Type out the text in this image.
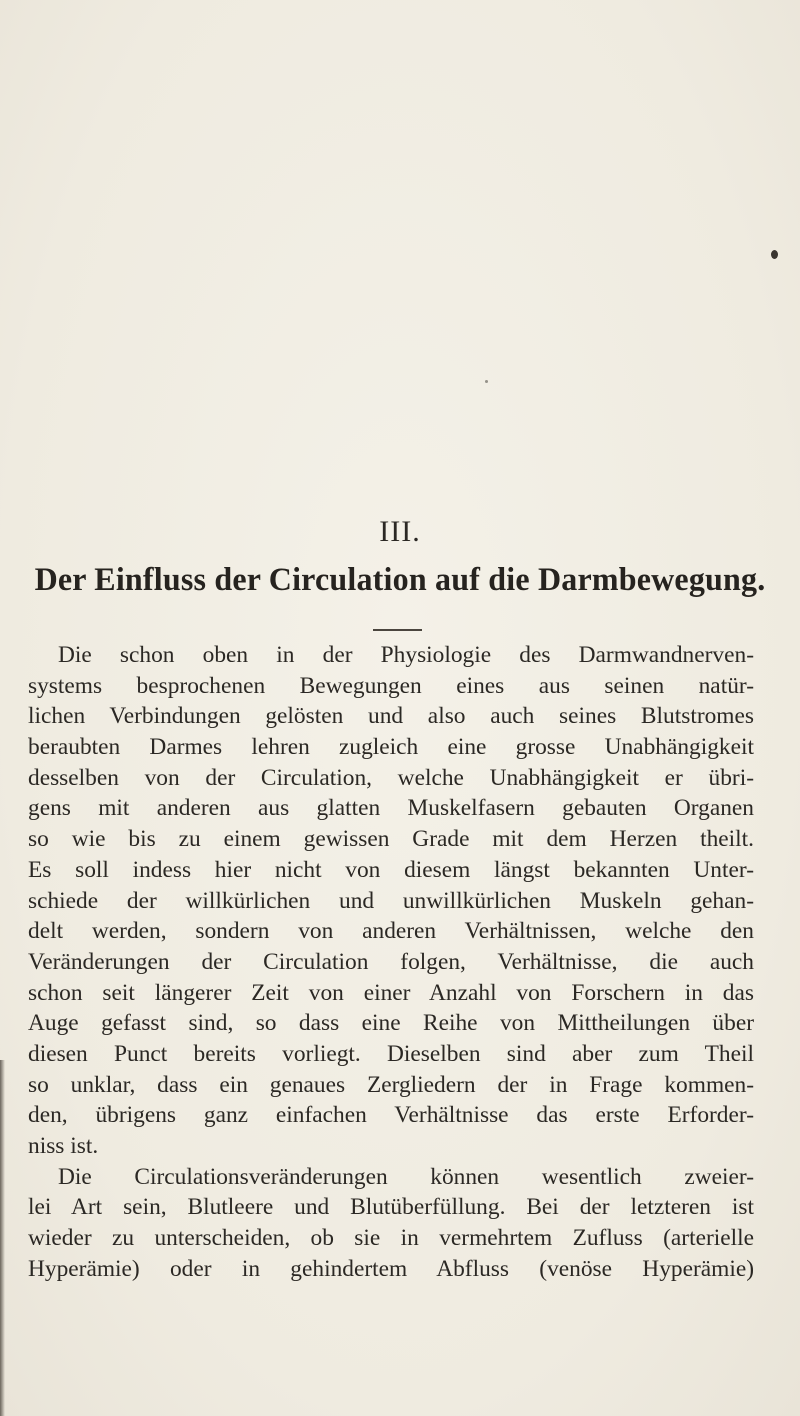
III.
Der Einfluss der Circulation auf die Darmbewegung.
Die schon oben in der Physiologie des Darmwandnerven-
systems besprochenen Bewegungen eines aus seinen natür-
lichen Verbindungen gelösten und also auch seines Blutstromes
beraubten Darmes lehren zugleich eine grosse Unabhängigkeit
desselben von der Circulation, welche Unabhängigkeit er übri-
gens mit anderen aus glatten Muskelfasern gebauten Organen
so wie bis zu einem gewissen Grade mit dem Herzen theilt.
Es soll indess hier nicht von diesem längst bekannten Unter-
schiede der willkürlichen und unwillkürlichen Muskeln gehan-
delt werden, sondern von anderen Verhältnissen, welche den
Veränderungen der Circulation folgen, Verhältnisse, die auch
schon seit längerer Zeit von einer Anzahl von Forschern in das
Auge gefasst sind, so dass eine Reihe von Mittheilungen über
diesen Punct bereits vorliegt. Dieselben sind aber zum Theil
so unklar, dass ein genaues Zergliedern der in Frage kommen-
den, übrigens ganz einfachen Verhältnisse das erste Erforder-
niss ist.
Die Circulationsveränderungen können wesentlich zweier-
lei Art sein, Blutleere und Blutüberfüllung. Bei der letzteren ist
wieder zu unterscheiden, ob sie in vermehrtem Zufluss (arterielle
Hyperämie) oder in gehindertem Abfluss (venöse Hyperämie)
